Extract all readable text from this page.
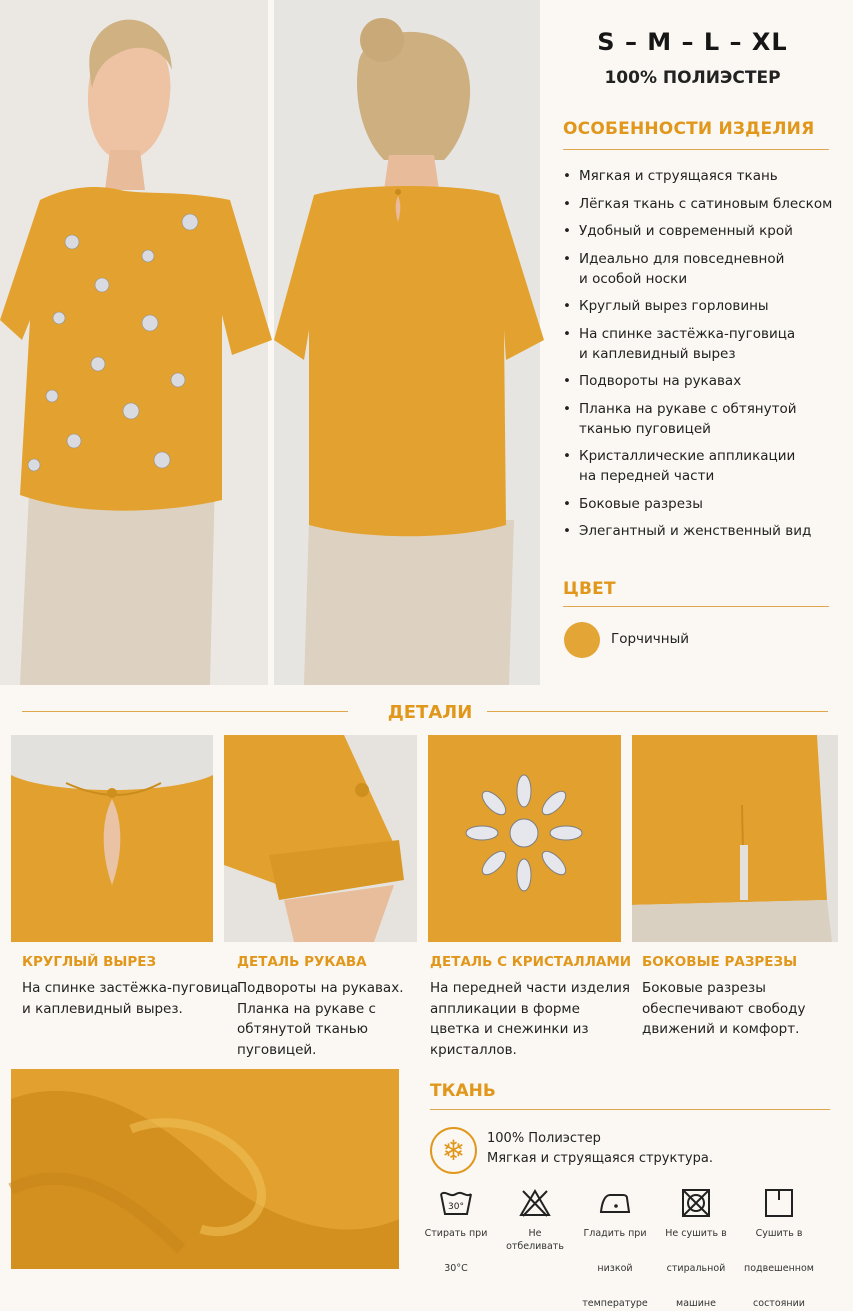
S – M – L – XL
100% ПОЛИЭСТЕР
ОСОБЕННОСТИ ИЗДЕЛИЯ
• Мягкая и струящаяся ткань
• Лёгкая ткань с сатиновым блеском
• Удобный и современный крой
• Идеально для повседневной
и особой носки
• Круглый вырез горловины
• На спинке застёжка-пуговица
и каплевидный вырез
• Подвороты на рукавах
• Планка на рукаве с обтянутой
тканью пуговицей
• Кристаллические аппликации
на передней части
• Боковые разрезы
• Элегантный и женственный вид
ЦВЕТ
Горчичный
ДЕТАЛИ
КРУГЛЫЙ ВЫРЕЗ
На спинке застёжка-пуговица
и каплевидный вырез.
ДЕТАЛЬ РУКАВА
Подвороты на рукавах.
Планка на рукаве с
обтянутой тканью
пуговицей.
ДЕТАЛЬ С КРИСТАЛЛАМИ
На передней части изделия
аппликации в форме
цветка и снежинки из
кристаллов.
БОКОВЫЕ РАЗРЕЗЫ
Боковые разрезы
обеспечивают свободу
движений и комфорт.
ТКАНЬ
❄	100% Полиэстер
Мягкая и струящаяся структура.
30°
Стирать при

30°C
Не отбеливать
Гладить при

низкой

температуре
Не сушить в

стиральной

машине
Сушить в

подвешенном

состоянии
